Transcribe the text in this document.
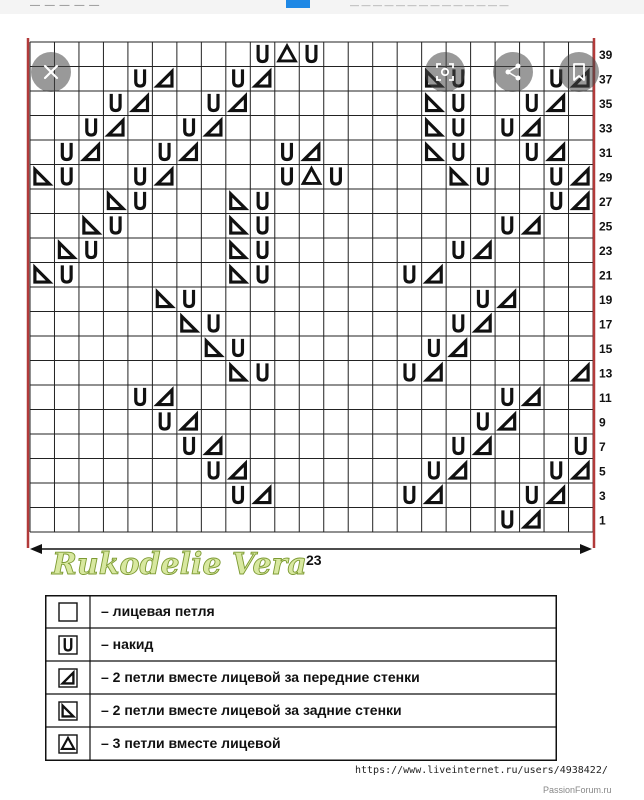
— — — — —	— — — — — — — — — — — — — —
1
3
5
7
9
11
13
15
17
19
21
23
25
27
29
31
33
35
37
39
Rukodelie Vera 23
– лицевая петля
– накид
– 2 петли вместе лицевой за передние стенки
– 2 петли вместе лицевой за задние стенки
– 3 петли вместе лицевой
https://www.liveinternet.ru/users/4938422/
PassionForum.ru
